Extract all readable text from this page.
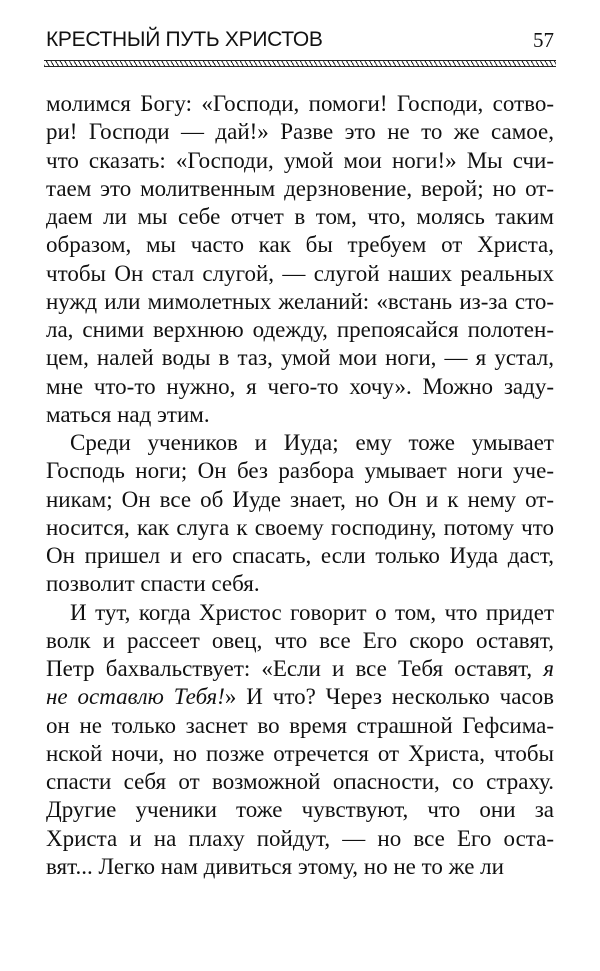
КРЕСТНЫЙ ПУТЬ ХРИСТОВ	57
молимся Богу: «Господи, помоги! Господи, сотво-
ри! Господи — дай!» Разве это не то же самое,
что сказать: «Господи, умой мои ноги!» Мы счи-
таем это молитвенным дерзновение, верой; но от-
даем ли мы себе отчет в том, что, молясь таким
образом, мы часто как бы требуем от Христа,
чтобы Он стал слугой, — слугой наших реальных
нужд или мимолетных желаний: «встань из-за сто-
ла, сними верхнюю одежду, препоясайся полотен-
цем, налей воды в таз, умой мои ноги, — я устал,
мне что-то нужно, я чего-то хочу». Можно заду-
маться над этим.
Среди учеников и Иуда; ему тоже умывает
Господь ноги; Он без разбора умывает ноги уче-
никам; Он все об Иуде знает, но Он и к нему от-
носится, как слуга к своему господину, потому что
Он пришел и его спасать, если только Иуда даст,
позволит спасти себя.
И тут, когда Христос говорит о том, что придет
волк и рассеет овец, что все Его скоро оставят,
Петр бахвальствует: «Если и все Тебя оставят, я
не оставлю Тебя!» И что? Через несколько часов
он не только заснет во время страшной Гефсима-
нской ночи, но позже отречется от Христа, чтобы
спасти себя от возможной опасности, со страху.
Другие ученики тоже чувствуют, что они за
Христа и на плаху пойдут, — но все Его оста-
вят... Легко нам дивиться этому, но не то же ли
